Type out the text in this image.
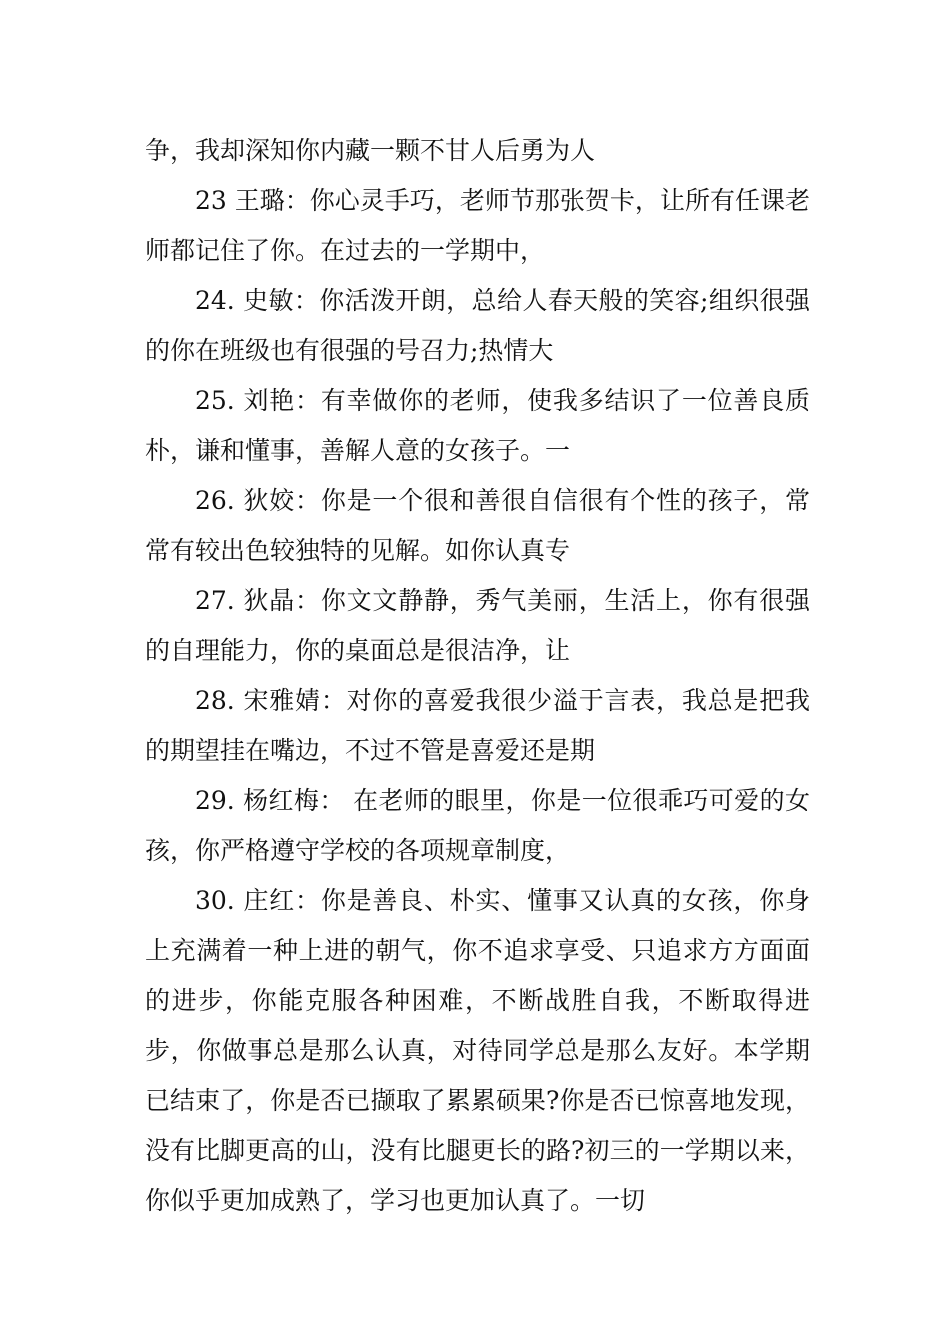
争，我却深知你内藏一颗不甘人后勇为人

23 王璐：你心灵手巧，老师节那张贺卡，让所有任课老师都记住了你。在过去的一学期中，

24. 史敏：你活泼开朗，总给人春天般的笑容;组织很强的你在班级也有很强的号召力;热情大

25. 刘艳：有幸做你的老师，使我多结识了一位善良质朴，谦和懂事，善解人意的女孩子。一

26. 狄姣：你是一个很和善很自信很有个性的孩子，常常有较出色较独特的见解。如你认真专

27. 狄晶：你文文静静，秀气美丽，生活上，你有很强的自理能力，你的桌面总是很洁净，让

28. 宋雅婧：对你的喜爱我很少溢于言表，我总是把我的期望挂在嘴边，不过不管是喜爱还是期

29. 杨红梅： 在老师的眼里，你是一位很乖巧可爱的女孩，你严格遵守学校的各项规章制度，

30. 庄红：你是善良、朴实、懂事又认真的女孩，你身上充满着一种上进的朝气，你不追求享受、只追求方方面面的进步，你能克服各种困难，不断战胜自我，不断取得进步，你做事总是那么认真，对待同学总是那么友好。本学期已结束了，你是否已撷取了累累硕果?你是否已惊喜地发现，没有比脚更高的山，没有比腿更长的路?初三的一学期以来，你似乎更加成熟了，学习也更加认真了。一切
